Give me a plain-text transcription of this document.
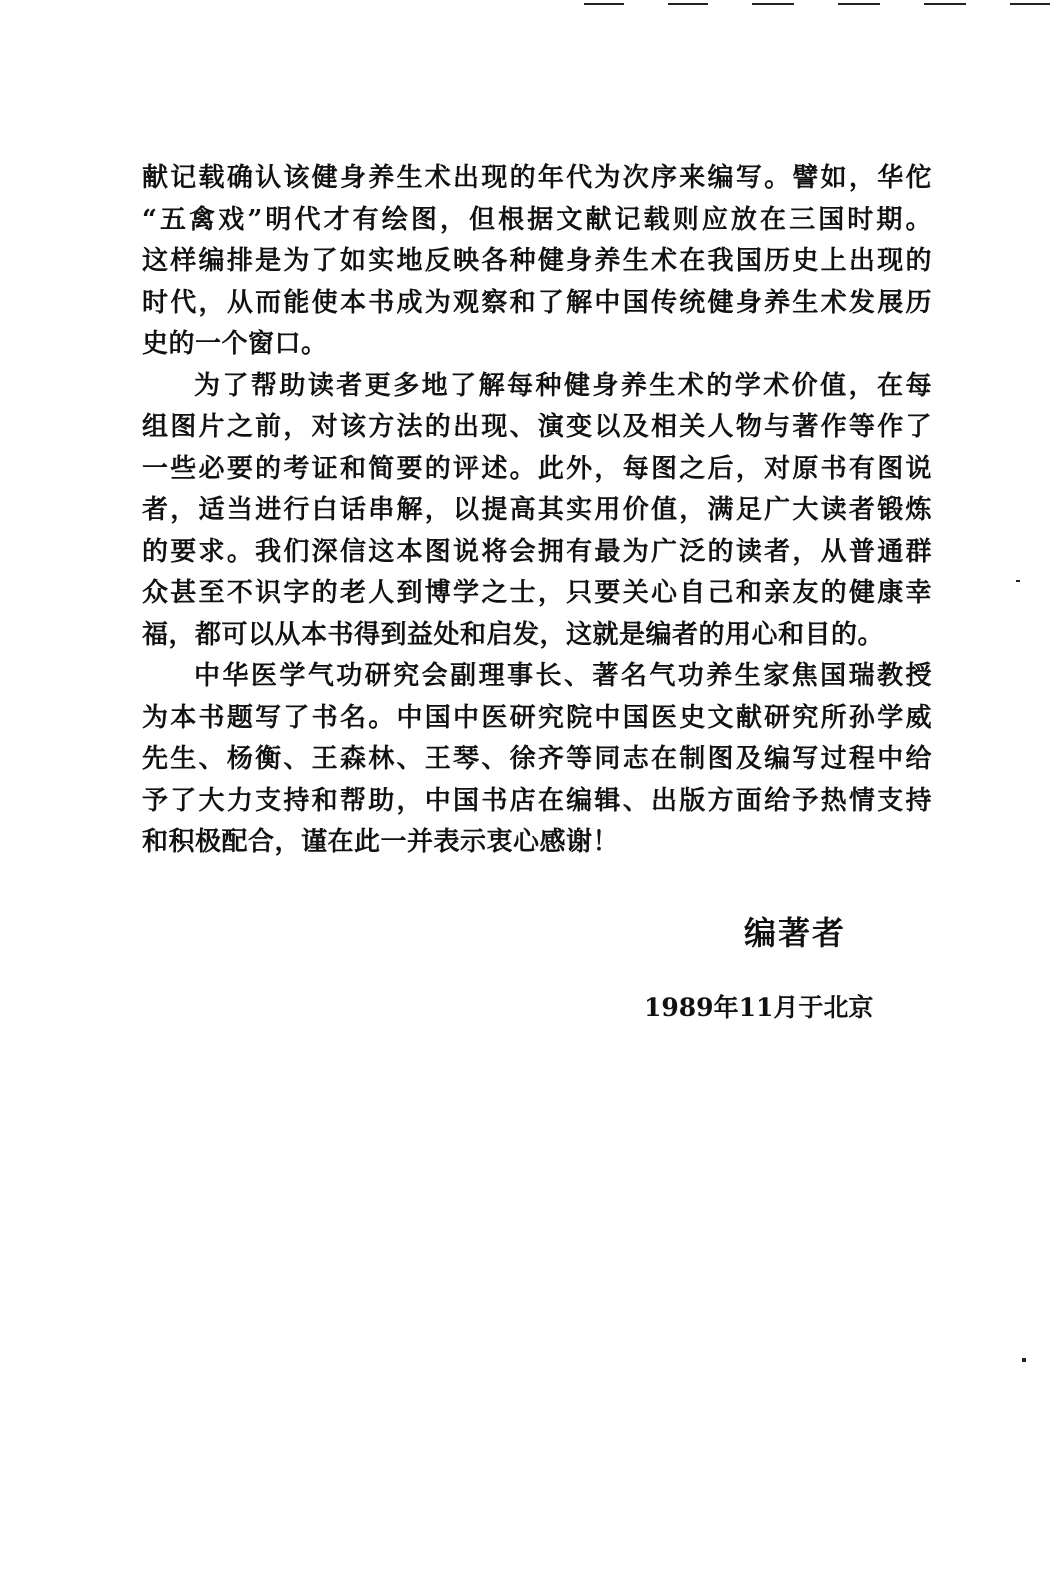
献记载确认该健身养生术出现的年代为次序来编写。譬如，华佗
“五禽戏”明代才有绘图，但根据文献记载则应放在三国时期。
这样编排是为了如实地反映各种健身养生术在我国历史上出现的
时代，从而能使本书成为观察和了解中国传统健身养生术发展历
史的一个窗口。

为了帮助读者更多地了解每种健身养生术的学术价值，在每
组图片之前，对该方法的出现、演变以及相关人物与著作等作了
一些必要的考证和简要的评述。此外，每图之后，对原书有图说
者，适当进行白话串解，以提高其实用价值，满足广大读者锻炼
的要求。我们深信这本图说将会拥有最为广泛的读者，从普通群
众甚至不识字的老人到博学之士，只要关心自己和亲友的健康幸
福，都可以从本书得到益处和启发，这就是编者的用心和目的。

中华医学气功研究会副理事长、著名气功养生家焦国瑞教授
为本书题写了书名。中国中医研究院中国医史文献研究所孙学威
先生、杨衡、王森林、王琴、徐齐等同志在制图及编写过程中给
予了大力支持和帮助，中国书店在编辑、出版方面给予热情支持
和积极配合，谨在此一并表示衷心感谢！

编著者
1989年11月于北京
